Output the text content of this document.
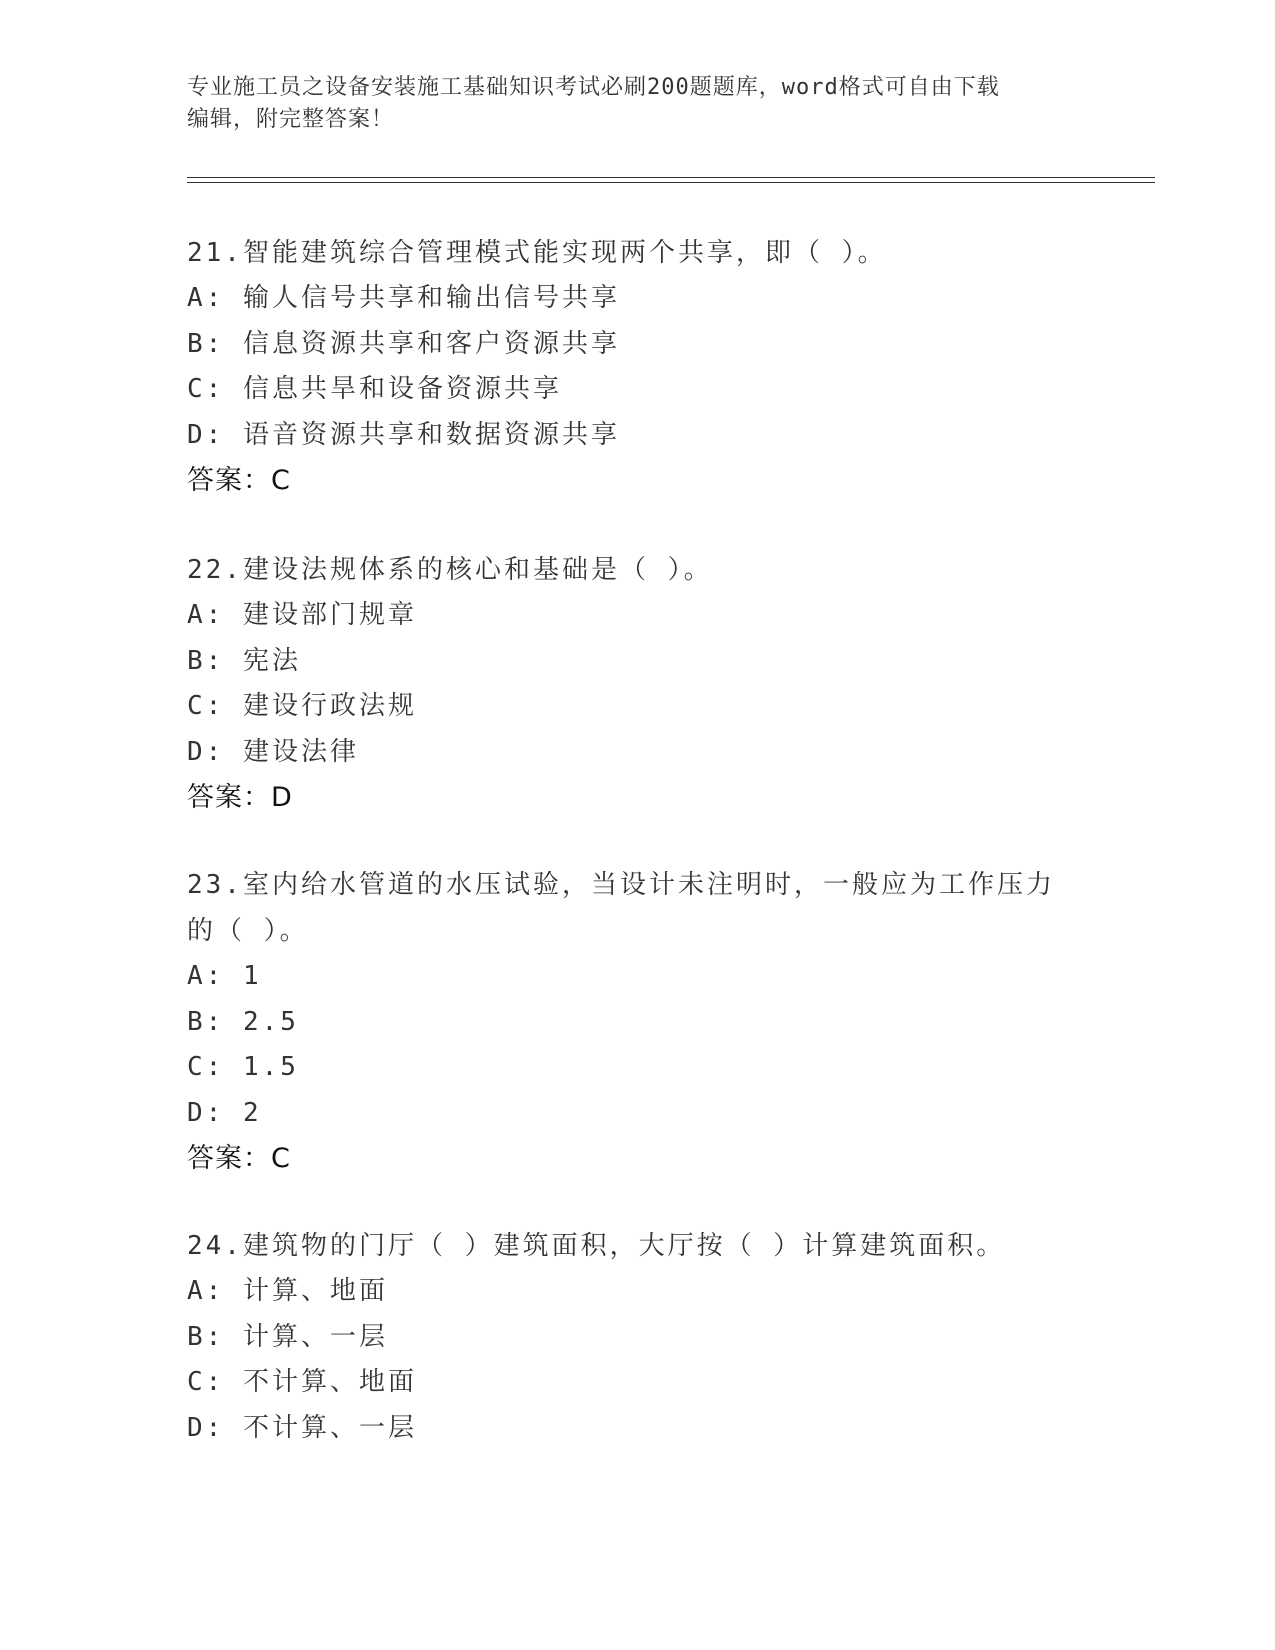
专业施工员之设备安装施工基础知识考试必刷200题题库，word格式可自由下载
编辑，附完整答案！
21.智能建筑综合管理模式能实现两个共享，即（ ）。
A: 输人信号共享和输出信号共享
B: 信息资源共享和客户资源共享
C: 信息共旱和设备资源共享
D: 语音资源共享和数据资源共享
答案：C
22.建设法规体系的核心和基础是（ ）。
A: 建设部门规章
B: 宪法
C: 建设行政法规
D: 建设法律
答案：D
23.室内给水管道的水压试验，当设计未注明时，一般应为工作压力的（ ）。
A: 1
B: 2.5
C: 1.5
D: 2
答案：C
24.建筑物的门厅（ ）建筑面积，大厅按（ ）计算建筑面积。
A: 计算、地面
B: 计算、一层
C: 不计算、地面
D: 不计算、一层
